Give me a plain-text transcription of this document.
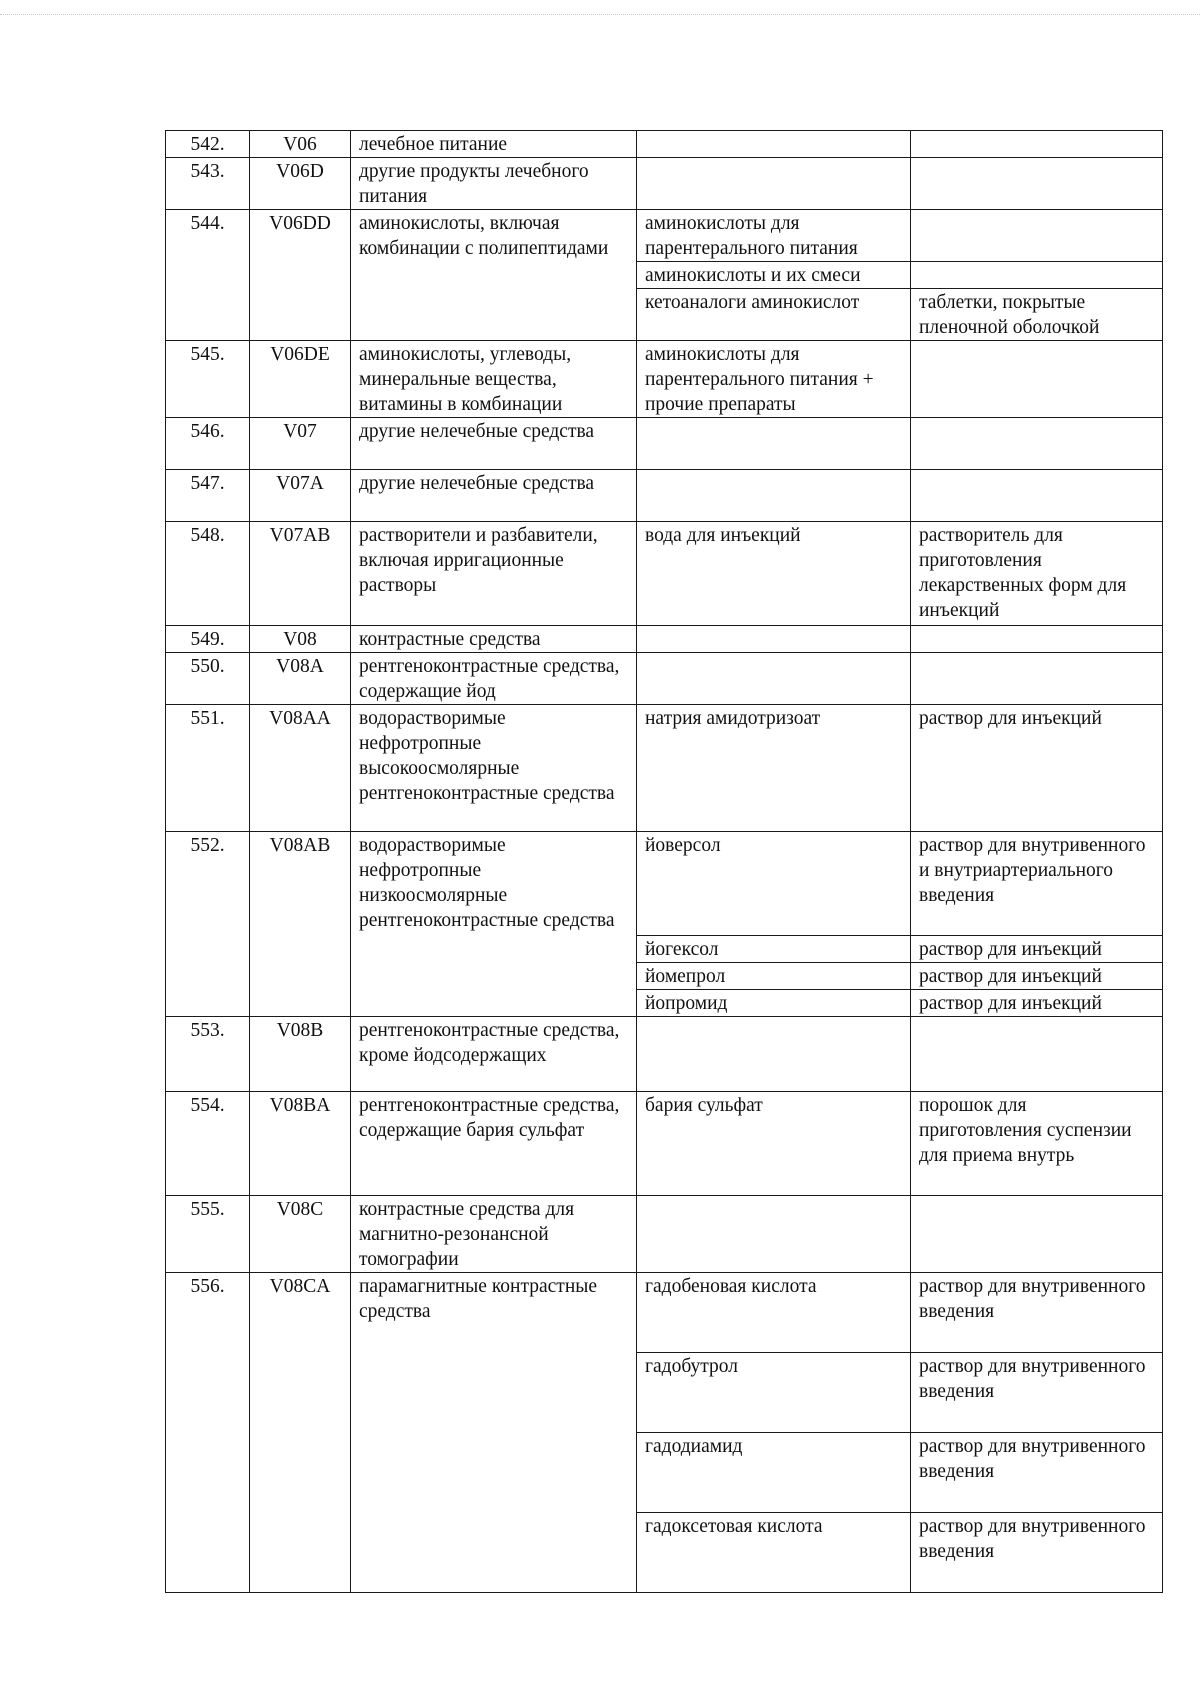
542.	V06	лечебное питание		
543.	V06D	другие продукты лечебного питания		
544.	V06DD	аминокислоты, включая комбинации с полипептидами	аминокислоты для парентерального питания	
			аминокислоты и их смеси	
			кетоаналоги аминокислот	таблетки, покрытые пленочной оболочкой
545.	V06DE	аминокислоты, углеводы, минеральные вещества, витамины в комбинации	аминокислоты для парентерального питания + прочие препараты	
546.	V07	другие нелечебные средства		
547.	V07A	другие нелечебные средства		
548.	V07AB	растворители и разбавители, включая ирригационные растворы	вода для инъекций	растворитель для приготовления лекарственных форм для инъекций
549.	V08	контрастные средства		
550.	V08A	рентгеноконтрастные средства, содержащие йод		
551.	V08AA	водорастворимые нефротропные высокоосмолярные рентгеноконтрастные средства	натрия амидотризоат	раствор для инъекций
552.	V08AB	водорастворимые нефротропные низкоосмолярные рентгеноконтрастные средства	йоверсол	раствор для внутривенного и внутриартериального введения
			йогексол	раствор для инъекций
			йомепрол	раствор для инъекций
			йопромид	раствор для инъекций
553.	V08B	рентгеноконтрастные средства, кроме йодсодержащих		
554.	V08BA	рентгеноконтрастные средства, содержащие бария сульфат	бария сульфат	порошок для приготовления суспензии для приема внутрь
555.	V08C	контрастные средства для магнитно-резонансной томографии		
556.	V08CA	парамагнитные контрастные средства	гадобеновая кислота	раствор для внутривенного введения
			гадобутрол	раствор для внутривенного введения
			гадодиамид	раствор для внутривенного введения
			гадоксетовая кислота	раствор для внутривенного введения
